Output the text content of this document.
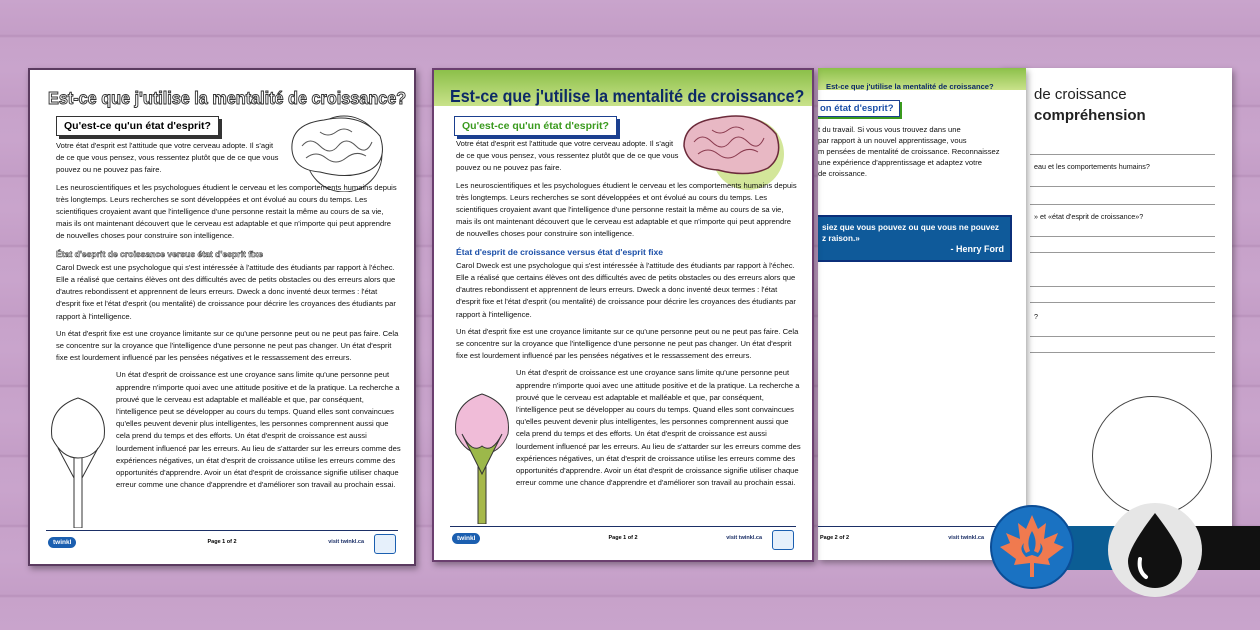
Est-ce que j'utilise la mentalité de croissance?
Qu'est-ce qu'un état d'esprit?

Votre état d'esprit est l'attitude que votre cerveau adopte. Il s'agit de ce que vous pensez, vous ressentez plutôt que de ce que vous pouvez ou ne pouvez pas faire.

Les neuroscientifiques et les psychologues étudient le cerveau et les comportements humains depuis très longtemps. Leurs recherches se sont développées et ont évolué au cours du temps. Les scientifiques croyaient avant que l'intelligence d'une personne restait la même au cours de sa vie, mais ils ont maintenant découvert que le cerveau est adaptable et que n'importe qui peut apprendre de nouvelles choses pour construire son intelligence.

État d'esprit de croissance versus état d'esprit fixe

Carol Dweck est une psychologue qui s'est intéressée à l'attitude des étudiants par rapport à l'échec. Elle a réalisé que certains élèves ont des difficultés avec de petits obstacles ou des erreurs alors que d'autres rebondissent et apprennent de leurs erreurs. Dweck a donc inventé deux termes : l'état d'esprit fixe et l'état d'esprit (ou mentalité) de croissance pour décrire les croyances des étudiants par rapport à l'intelligence.

Un état d'esprit fixe est une croyance limitante sur ce qu'une personne peut ou ne peut pas faire. Cela se concentre sur la croyance que l'intelligence d'une personne ne peut pas changer. Un état d'esprit fixe est lourdement influencé par les pensées négatives et le ressassement des erreurs.

Un état d'esprit de croissance est une croyance sans limite qu'une personne peut apprendre n'importe quoi avec une attitude positive et de la pratique. La recherche a prouvé que le cerveau est adaptable et malléable et que, par conséquent, l'intelligence peut se développer au cours du temps. Quand elles sont convaincues qu'elles peuvent devenir plus intelligentes, les personnes comprennent aussi que cela prend du temps et des efforts. Un état d'esprit de croissance est aussi lourdement influencé par les erreurs. Au lieu de s'attarder sur les erreurs comme des expériences négatives, un état d'esprit de croissance utilise les erreurs comme des opportunités d'apprendre. Avoir un état d'esprit de croissance signifie utiliser chaque erreur comme une chance d'apprendre et d'améliorer son travail au prochain essai.

twinkl	Page 1 of 2	visit twinkl.ca
Est-ce que j'utilise la mentalité de croissance?
Qu'est-ce qu'un état d'esprit?

Votre état d'esprit est l'attitude que votre cerveau adopte. Il s'agit de ce que vous pensez, vous ressentez plutôt que de ce que vous pouvez ou ne pouvez pas faire.

Les neuroscientifiques et les psychologues étudient le cerveau et les comportements humains depuis très longtemps. Leurs recherches se sont développées et ont évolué au cours du temps. Les scientifiques croyaient avant que l'intelligence d'une personne restait la même au cours de sa vie, mais ils ont maintenant découvert que le cerveau est adaptable et que n'importe qui peut apprendre de nouvelles choses pour construire son intelligence.

État d'esprit de croissance versus état d'esprit fixe

Carol Dweck est une psychologue qui s'est intéressée à l'attitude des étudiants par rapport à l'échec. Elle a réalisé que certains élèves ont des difficultés avec de petits obstacles ou des erreurs alors que d'autres rebondissent et apprennent de leurs erreurs. Dweck a donc inventé deux termes : l'état d'esprit fixe et l'état d'esprit (ou mentalité) de croissance pour décrire les croyances des étudiants par rapport à l'intelligence.

Un état d'esprit fixe est une croyance limitante sur ce qu'une personne peut ou ne peut pas faire. Cela se concentre sur la croyance que l'intelligence d'une personne ne peut pas changer. Un état d'esprit fixe est lourdement influencé par les pensées négatives et le ressassement des erreurs.

Un état d'esprit de croissance est une croyance sans limite qu'une personne peut apprendre n'importe quoi avec une attitude positive et de la pratique. La recherche a prouvé que le cerveau est adaptable et malléable et que, par conséquent, l'intelligence peut se développer au cours du temps. Quand elles sont convaincues qu'elles peuvent devenir plus intelligentes, les personnes comprennent aussi que cela prend du temps et des efforts. Un état d'esprit de croissance est aussi lourdement influencé par les erreurs. Au lieu de s'attarder sur les erreurs comme des expériences négatives, un état d'esprit de croissance utilise les erreurs comme des opportunités d'apprendre. Avoir un état d'esprit de croissance signifie utiliser chaque erreur comme une chance d'apprendre et d'améliorer son travail au prochain essai.

twinkl	Page 1 of 2	visit twinkl.ca
Est-ce que j'utilise la mentalité de croissance?
on état d'esprit?
t du travail. Si vous vous trouvez dans une
par rapport à un nouvel apprentissage, vous
m pensées de mentalité de croissance. Reconnaissez
une expérience d'apprentissage et adaptez votre
de croissance.
siez que vous pouvez ou que vous ne pouvez z raison.»
- Henry Ford
Page 2 of 2	visit twinkl.ca
de croissance
compréhension
eau et les comportements humains?
» et «état d'esprit de croissance»?
?
